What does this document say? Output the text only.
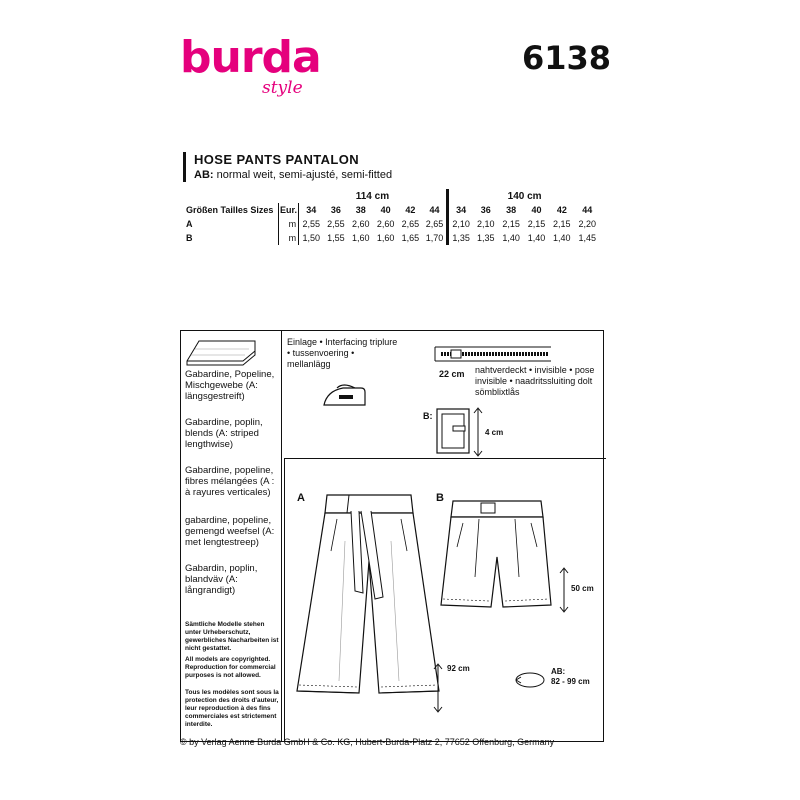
burda
style
6138
HOSE PANTS PANTALON
AB: normal weit, semi-ajusté, semi-fitted
		114 cm						140 cm					
Größen Tailles Sizes	Eur.	34	36	38	40	42	44	34	36	38	40	42	44
A	m	2,55	2,55	2,60	2,60	2,65	2,65	2,10	2,10	2,15	2,15	2,15	2,20
B	m	1,50	1,55	1,60	1,60	1,65	1,70	1,35	1,35	1,40	1,40	1,40	1,45
Gabardine, Popeline, Mischgewebe (A: längsgestreift)
Gabardine, poplin, blends (A: striped lengthwise)
Gabardine, popeline, fibres mélangées (A : à rayures verticales)
gabardine, popeline, gemengd weefsel (A: met lengtestreep)
Gabardin, poplin, blandväv (A: långrandigt)
Sämtliche Modelle stehen unter Urheberschutz, gewerbliches Nacharbeiten ist nicht gestattet.
All models are copyrighted. Reproduction for commercial purposes is not allowed.
Tous les modèles sont sous la protection des droits d'auteur, leur reproduction à des fins commerciales est strictement interdite.
Einlage • Interfacing triplure • tussenvoering • mellanlägg
22 cm nahtverdeckt • invisible • pose invisible • naadritssluiting dolt sömblixtlås
B:
4 cm
A	B
92 cm
50 cm
AB:
82 - 99 cm
© by Verlag Aenne Burda GmbH & Co. KG, Hubert-Burda-Platz 2, 77652 Offenburg, Germany
